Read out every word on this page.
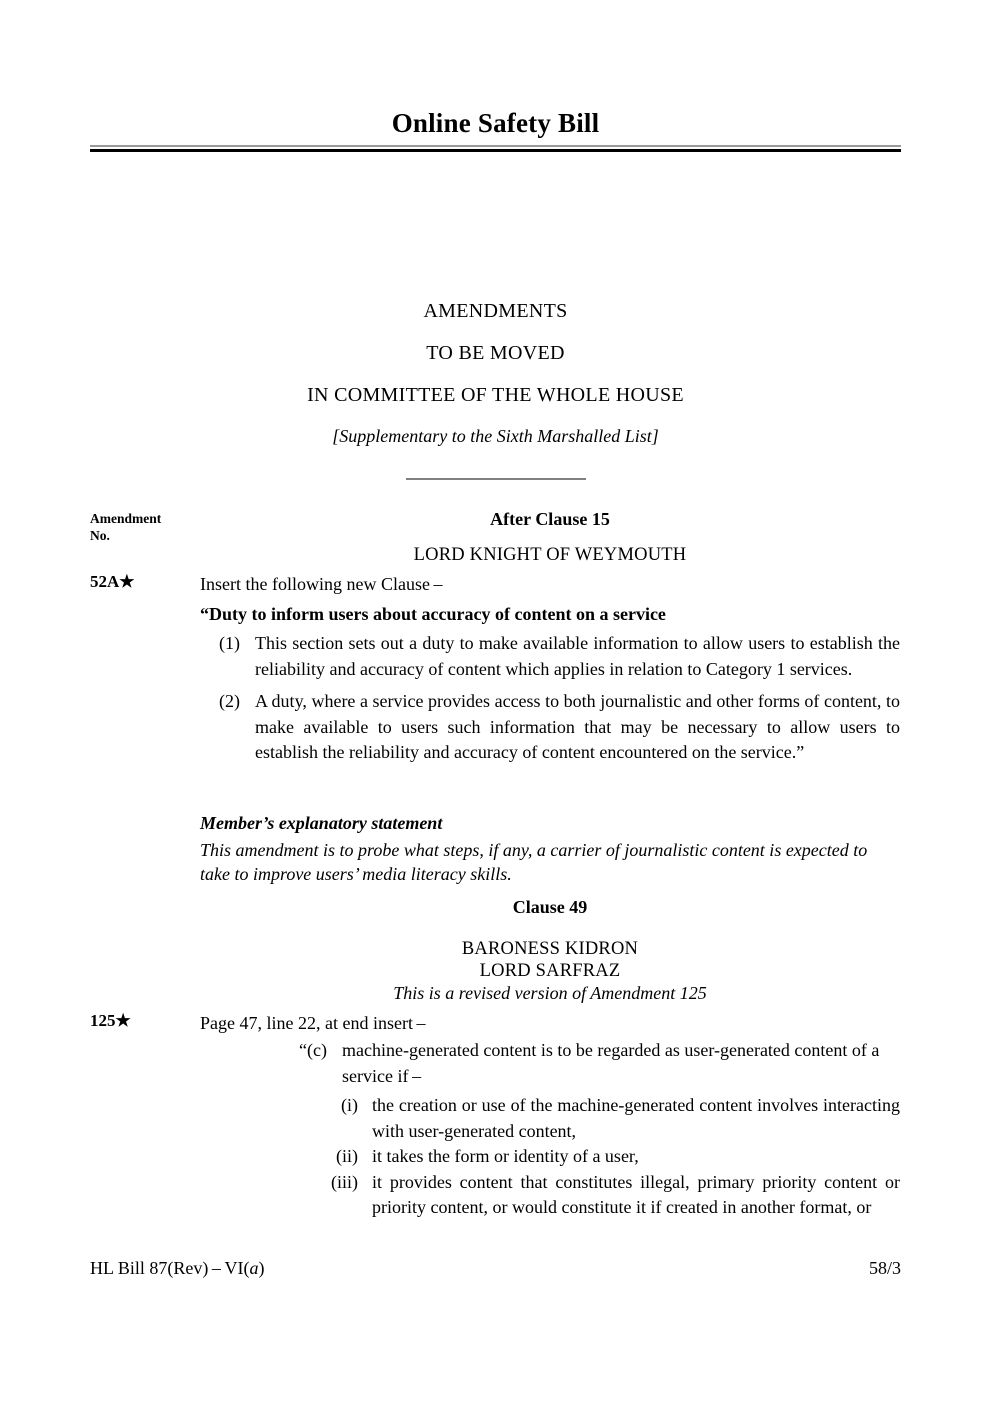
Online Safety Bill
AMENDMENTS
TO BE MOVED
IN COMMITTEE OF THE WHOLE HOUSE
[Supplementary to the Sixth Marshalled List]
Amendment
No.
After Clause 15
LORD KNIGHT OF WEYMOUTH
52A★	Insert the following new Clause –
“Duty to inform users about accuracy of content on a service
(1) This section sets out a duty to make available information to allow users to establish the reliability and accuracy of content which applies in relation to Category 1 services.
(2) A duty, where a service provides access to both journalistic and other forms of content, to make available to users such information that may be necessary to allow users to establish the reliability and accuracy of content encountered on the service.”
Member’s explanatory statement
This amendment is to probe what steps, if any, a carrier of journalistic content is expected to take to improve users’ media literacy skills.
Clause 49
BARONESS KIDRON
LORD SARFRAZ
This is a revised version of Amendment 125
125★	Page 47, line 22, at end insert –
“(c) machine-generated content is to be regarded as user-generated content of a service if –
(i) the creation or use of the machine-generated content involves interacting with user-generated content,
(ii) it takes the form or identity of a user,
(iii) it provides content that constitutes illegal, primary priority content or priority content, or would constitute it if created in another format, or
HL Bill 87(Rev) – VI(a)	58/3
